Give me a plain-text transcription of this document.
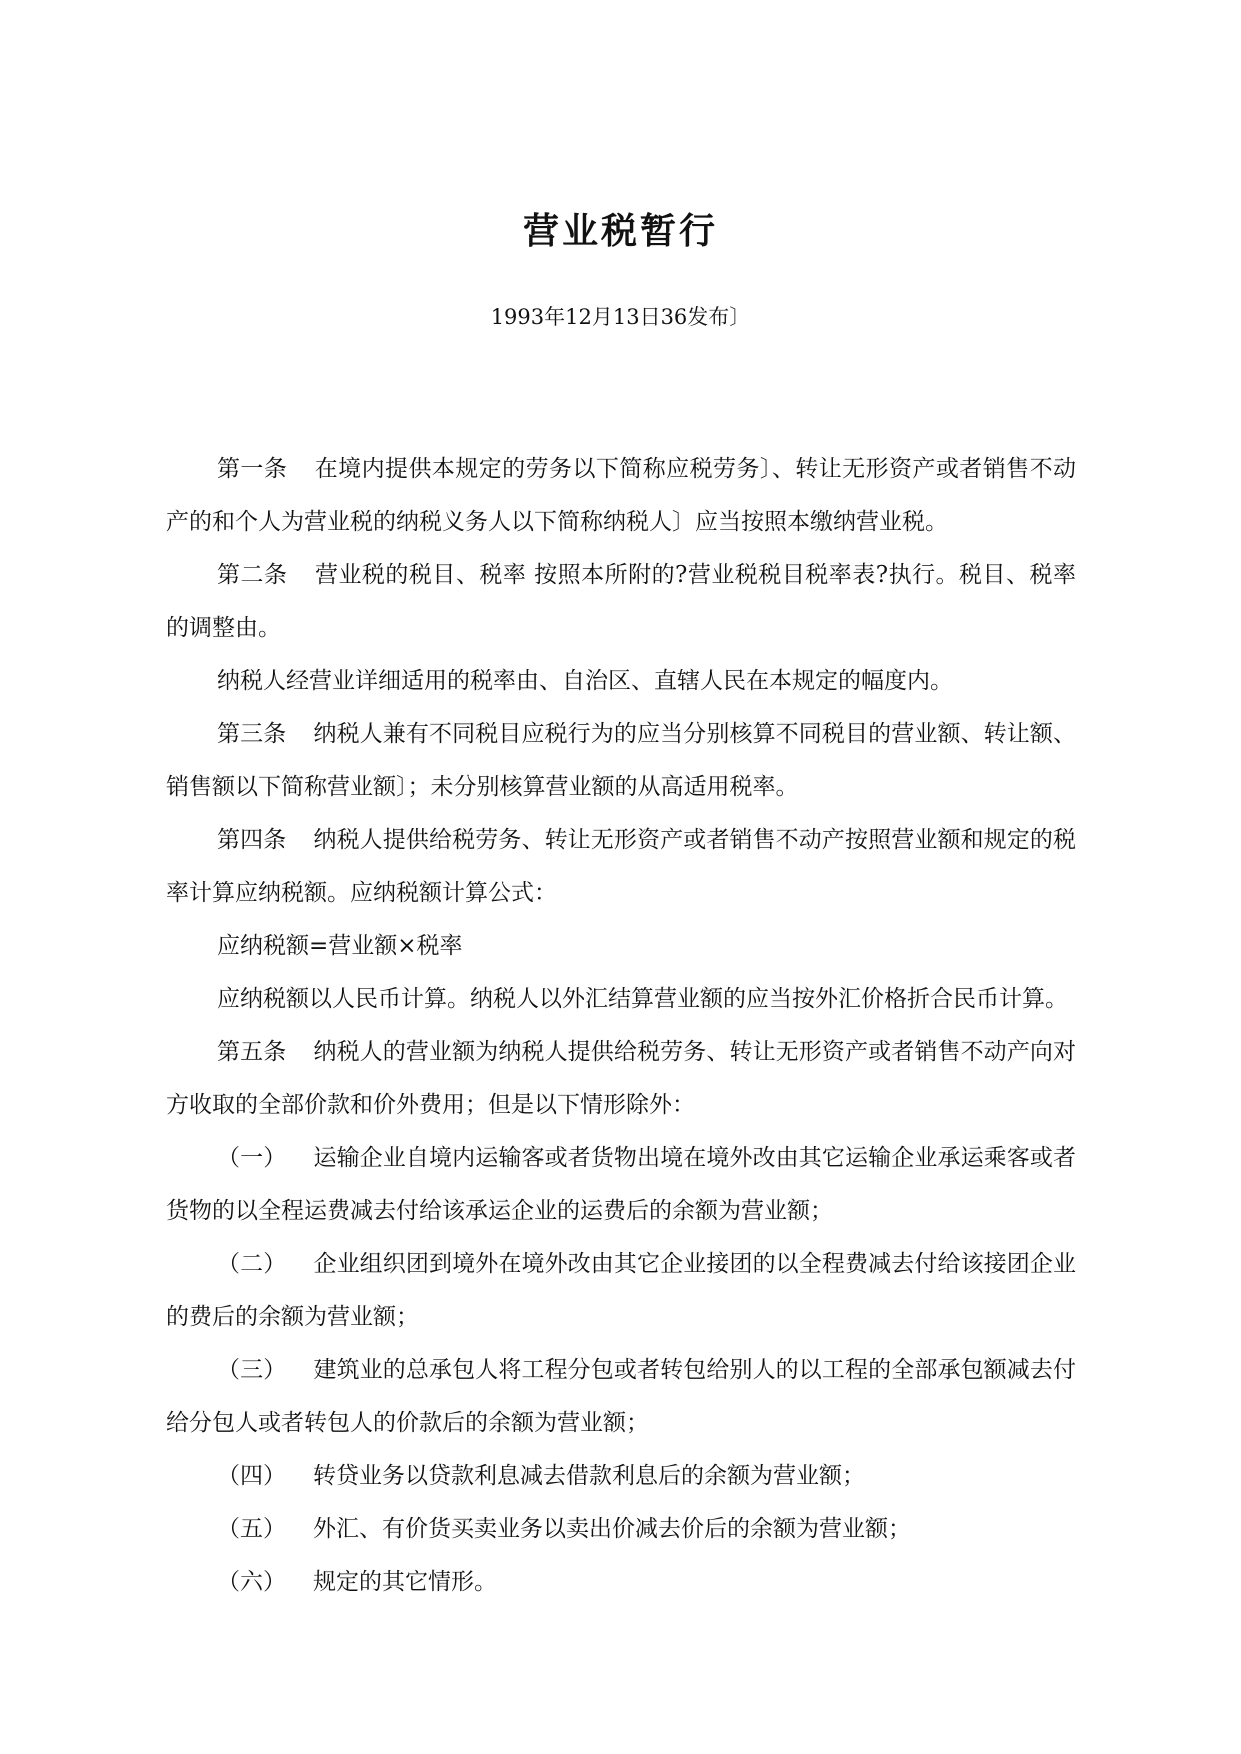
营业税暂行
1993年12月13日36发布〕

第一条 在境内提供本规定的劳务以下简称应税劳务〕、转让无形资产或者销售不动产的和个人为营业税的纳税义务人以下简称纳税人〕应当按照本缴纳营业税。

第二条 营业税的税目、税率 按照本所附的?营业税税目税率表?执行。税目、税率的调整由。

纳税人经营业详细适用的税率由、自治区、直辖人民在本规定的幅度内。

第三条 纳税人兼有不同税目应税行为的应当分别核算不同税目的营业额、转让额、销售额以下简称营业额〕；未分别核算营业额的从高适用税率。

第四条 纳税人提供给税劳务、转让无形资产或者销售不动产按照营业额和规定的税率计算应纳税额。应纳税额计算公式：

应纳税额=营业额×税率

应纳税额以人民币计算。纳税人以外汇结算营业额的应当按外汇价格折合民币计算。

第五条 纳税人的营业额为纳税人提供给税劳务、转让无形资产或者销售不动产向对方收取的全部价款和价外费用；但是以下情形除外：

（一） 运输企业自境内运输客或者货物出境在境外改由其它运输企业承运乘客或者货物的以全程运费减去付给该承运企业的运费后的余额为营业额；

（二） 企业组织团到境外在境外改由其它企业接团的以全程费减去付给该接团企业的费后的余额为营业额；

（三） 建筑业的总承包人将工程分包或者转包给别人的以工程的全部承包额减去付给分包人或者转包人的价款后的余额为营业额；

（四） 转贷业务以贷款利息减去借款利息后的余额为营业额；

（五） 外汇、有价货买卖业务以卖出价减去价后的余额为营业额；

（六） 规定的其它情形。
